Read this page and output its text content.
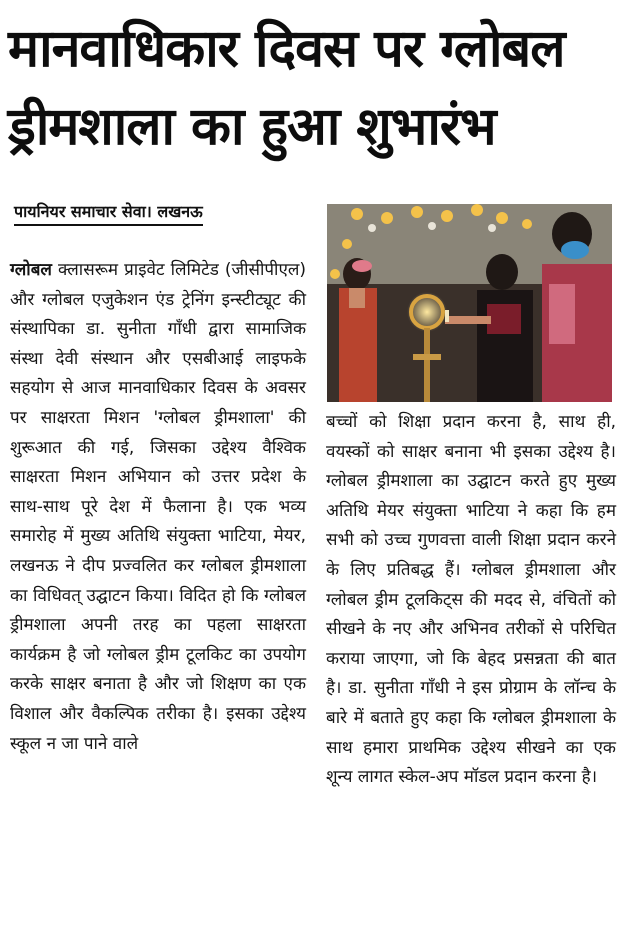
मानवाधिकार दिवस पर ग्लोबल
ड्रीमशाला का हुआ शुभारंभ
पायनियर समाचार सेवा। लखनऊ
ग्लोबल क्लासरूम प्राइवेट लिमिटेड (जीसीपीएल) और ग्लोबल एजुकेशन एंड ट्रेनिंग इन्स्टीट्यूट की संस्थापिका डा. सुनीता गाँधी द्वारा सामाजिक संस्था देवी संस्थान और एसबीआई लाइफके सहयोग से आज मानवाधिकार दिवस के अवसर पर साक्षरता मिशन 'ग्लोबल ड्रीमशाला' की शुरूआत की गई, जिसका उद्देश्य वैश्विक साक्षरता मिशन अभियान को उत्तर प्रदेश के साथ-साथ पूरे देश में फैलाना है। एक भव्य समारोह में मुख्य अतिथि संयुक्ता भाटिया, मेयर, लखनऊ ने दीप प्रज्वलित कर ग्लोबल ड्रीमशाला का विधिवत् उद्घाटन किया। विदित हो कि ग्लोबल ड्रीमशाला अपनी तरह का पहला साक्षरता कार्यक्रम है जो ग्लोबल ड्रीम टूलकिट का उपयोग करके साक्षर बनाता है और जो शिक्षण का एक विशाल और वैकल्पिक तरीका है। इसका उद्देश्य स्कूल न जा पाने वाले
बच्चों को शिक्षा प्रदान करना है, साथ ही, वयस्कों को साक्षर बनाना भी इसका उद्देश्य है। ग्लोबल ड्रीमशाला का उद्घाटन करते हुए मुख्य अतिथि मेयर संयुक्ता भाटिया ने कहा कि हम सभी को उच्च गुणवत्ता वाली शिक्षा प्रदान करने के लिए प्रतिबद्ध हैं। ग्लोबल ड्रीमशाला और ग्लोबल ड्रीम टूलकिट्स की मदद से, वंचितों को सीखने के नए और अभिनव तरीकों से परिचित कराया जाएगा, जो कि बेहद प्रसन्नता की बात है। डा. सुनीता गाँधी ने इस प्रोग्राम के लॉन्च के बारे में बताते हुए कहा कि ग्लोबल ड्रीमशाला के साथ हमारा प्राथमिक उद्देश्य सीखने का एक शून्य लागत स्केल-अप मॉडल प्रदान करना है।
